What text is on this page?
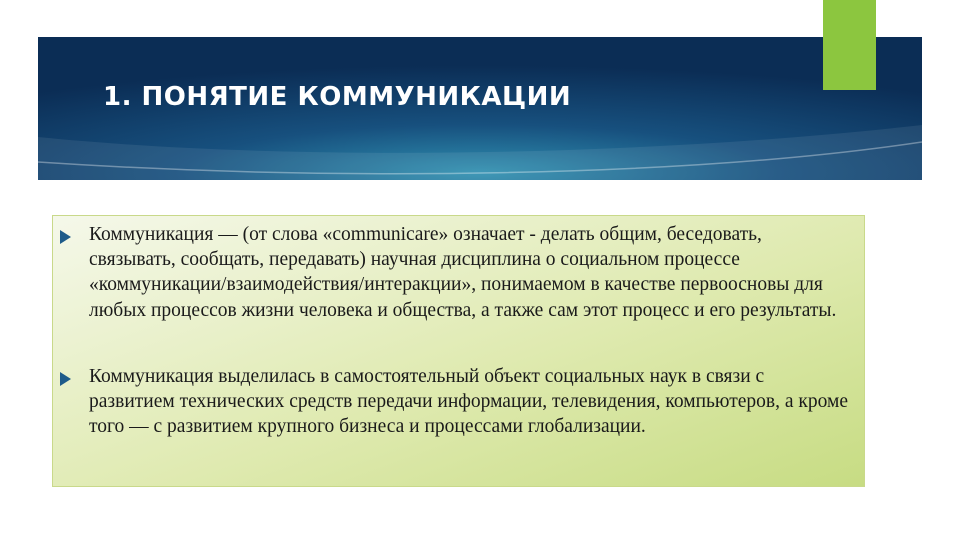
1. ПОНЯТИЕ КОММУНИКАЦИИ
Коммуникация — (от слова «communicare» означает - делать общим, беседовать, связывать, сообщать, передавать) научная дисциплина о социальном процессе «коммуникации/взаимодействия/интеракции», понимаемом в качестве первоосновы для любых процессов жизни человека и общества, а также сам этот процесс и его результаты.
Коммуникация выделилась в самостоятельный объект социальных наук в связи с развитием технических средств передачи информации, телевидения, компьютеров, а кроме того — с развитием крупного бизнеса и процессами глобализации.
